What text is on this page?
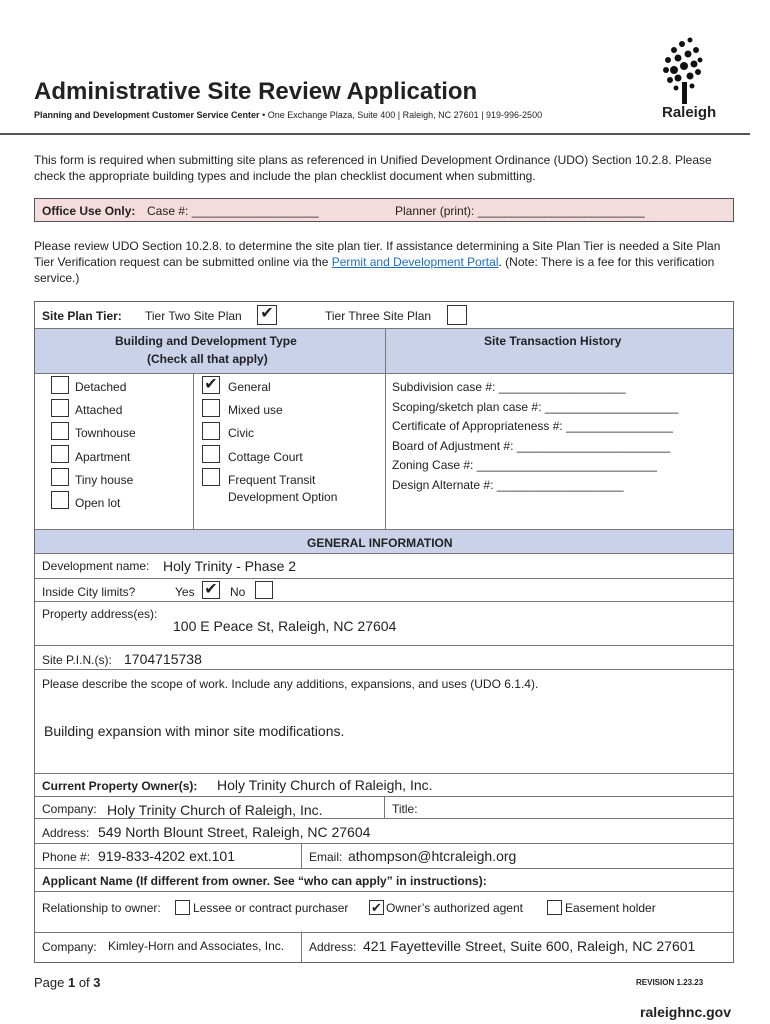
Administrative Site Review Application
Planning and Development Customer Service Center • One Exchange Plaza, Suite 400 | Raleigh, NC 27601 | 919-996-2500	Raleigh
This form is required when submitting site plans as referenced in Unified Development Ordinance (UDO) Section 10.2.8. Please check the appropriate building types and include the plan checklist document when submitting.
Office Use Only: Case #: ___________________	Planner (print): _________________________
Please review UDO Section 10.2.8. to determine the site plan tier. If assistance determining a Site Plan Tier is needed a Site Plan Tier Verification request can be submitted online via the Permit and Development Portal. (Note: There is a fee for this verification service.)
Site Plan Tier: Tier Two Site Plan ✔	Tier Three Site Plan
Building and Development Type
(Check all that apply)
Site Transaction History
Detached
Attached
Townhouse
Apartment
Tiny house
Open lot
✔ General
Mixed use
Civic
Cottage Court
Frequent Transit
Development Option
Subdivision case #: ___________________
Scoping/sketch plan case #: ____________________
Certificate of Appropriateness #: ________________
Board of Adjustment #: _______________________
Zoning Case #: ___________________________
Design Alternate #: ___________________
GENERAL INFORMATION
Development name: Holy Trinity - Phase 2
Inside City limits?	Yes ✔ No
Property address(es):
100 E Peace St, Raleigh, NC 27604
Site P.I.N.(s): 1704715738
Please describe the scope of work. Include any additions, expansions, and uses (UDO 6.1.4).
Building expansion with minor site modifications.
Current Property Owner(s): Holy Trinity Church of Raleigh, Inc.
Company: Holy Trinity Church of Raleigh, Inc.	Title:
Address: 549 North Blount Street, Raleigh, NC 27604
Phone #: 919-833-4202 ext.101	Email: athompson@htcraleigh.org
Applicant Name (If different from owner. See “who can apply” in instructions):
Relationship to owner:	Lessee or contract purchaser ✔ Owner’s authorized agent	Easement holder
Company: Kimley-Horn and Associates, Inc. Address: 421 Fayetteville Street, Suite 600, Raleigh, NC 27601
Page 1 of 3	REVISION 1.23.23
raleighnc.gov
